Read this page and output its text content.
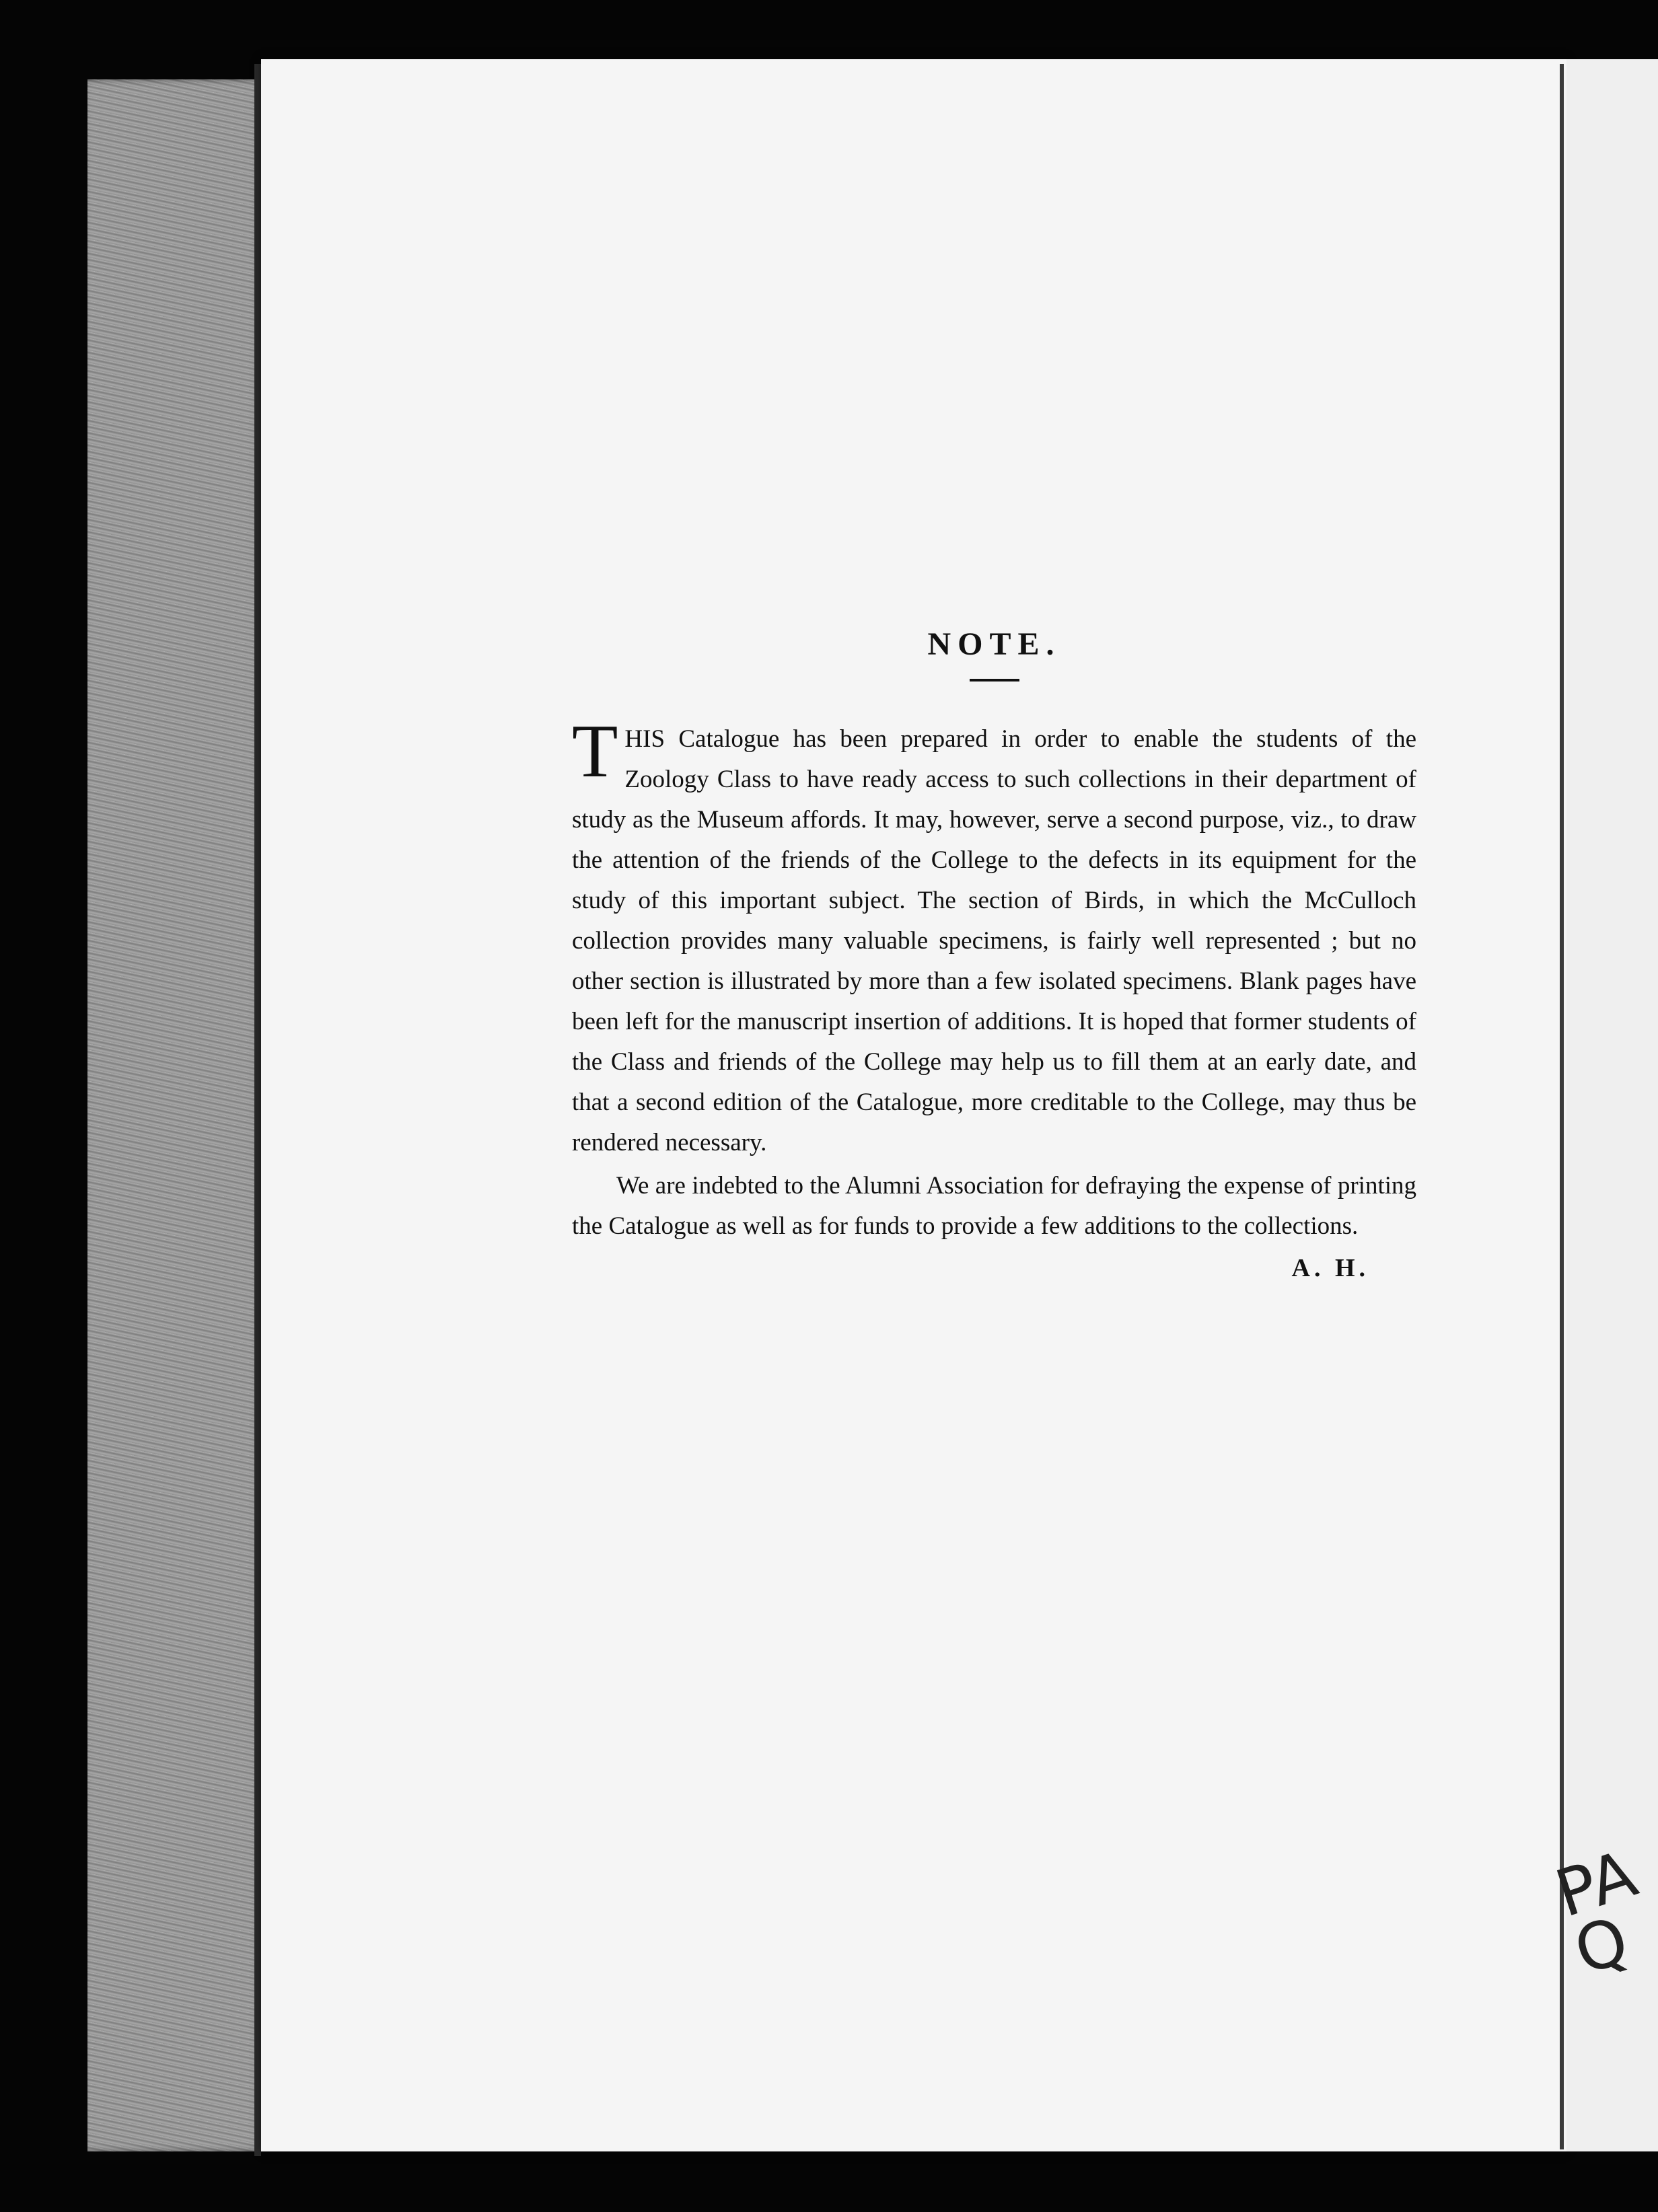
PA Q
NOTE.

THIS Catalogue has been prepared in order to enable the students of the Zoology Class to have ready access to such collections in their department of study as the Museum affords. It may, however, serve a second purpose, viz., to draw the attention of the friends of the College to the defects in its equipment for the study of this important subject. The section of Birds, in which the McCulloch collection provides many valuable specimens, is fairly well represented ; but no other section is illustrated by more than a few isolated specimens. Blank pages have been left for the manuscript insertion of additions. It is hoped that former students of the Class and friends of the College may help us to fill them at an early date, and that a second edition of the Catalogue, more creditable to the College, may thus be rendered necessary.

We are indebted to the Alumni Association for defraying the expense of printing the Catalogue as well as for funds to provide a few additions to the collections.

A. H.
